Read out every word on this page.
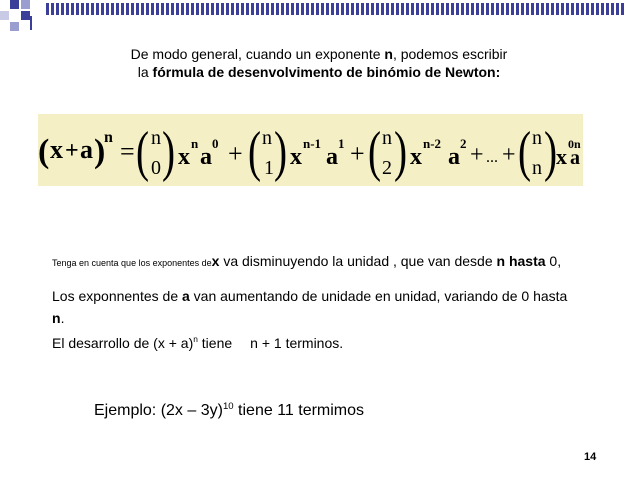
De modo general, cuando un exponente n, podemos escribir
la fórmula de desenvolvimento de binómio de Newton:
( x + a )
n = ( n
0 ) x
n
a
0 + ( n
1 ) x
n-1
a
1 + ( n
2 ) x
n-2
a
2 + ... + ( n
n )
x 0
a
n
Tenga en cuenta que los exponentes dex va disminuyendo la unidad , que van desde n hasta 0,
Los exponnentes de a van aumentando de unidade en unidad, variando de 0 hasta
n.
El desarrollo de $(x + a)^n$ tiene n + 1 terminos.
Ejemplo: (2x – 3y)$^{10}$ tiene 11 termimos
14
